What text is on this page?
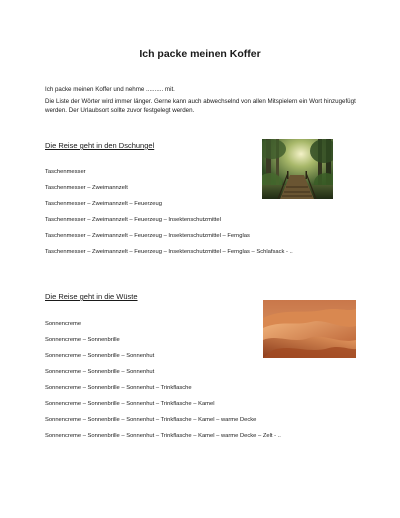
Ich packe meinen Koffer

Ich packe meinen Koffer und nehme .......... mit.

Die Liste der Wörter wird immer länger. Gerne kann auch abwechselnd von allen Mitspielern ein Wort hinzugefügt werden. Der Urlaubsort sollte zuvor festgelegt werden.

Die Reise geht in den Dschungel
Taschenmesser
Taschenmesser – Zweimannzelt
Taschenmesser – Zweimannzelt – Feuerzeug
Taschenmesser – Zweimannzelt – Feuerzeug – Insektenschutzmittel
Taschenmesser – Zweimannzelt – Feuerzeug – Insektenschutzmittel – Fernglas
Taschenmesser – Zweimannzelt – Feuerzeug – Insektenschutzmittel – Fernglas – Schlafsack - ..
Die Reise geht in die Wüste
Sonnencreme
Sonnencreme – Sonnenbrille
Sonnencreme – Sonnenbrille – Sonnenhut
Sonnencreme – Sonnenbrille – Sonnenhut
Sonnencreme – Sonnenbrille – Sonnenhut – Trinkflasche
Sonnencreme – Sonnenbrille – Sonnenhut – Trinkflasche – Kamel
Sonnencreme – Sonnenbrille – Sonnenhut – Trinkflasche – Kamel – warme Decke
Sonnencreme – Sonnenbrille – Sonnenhut – Trinkflasche – Kamel – warme Decke – Zelt - ..
